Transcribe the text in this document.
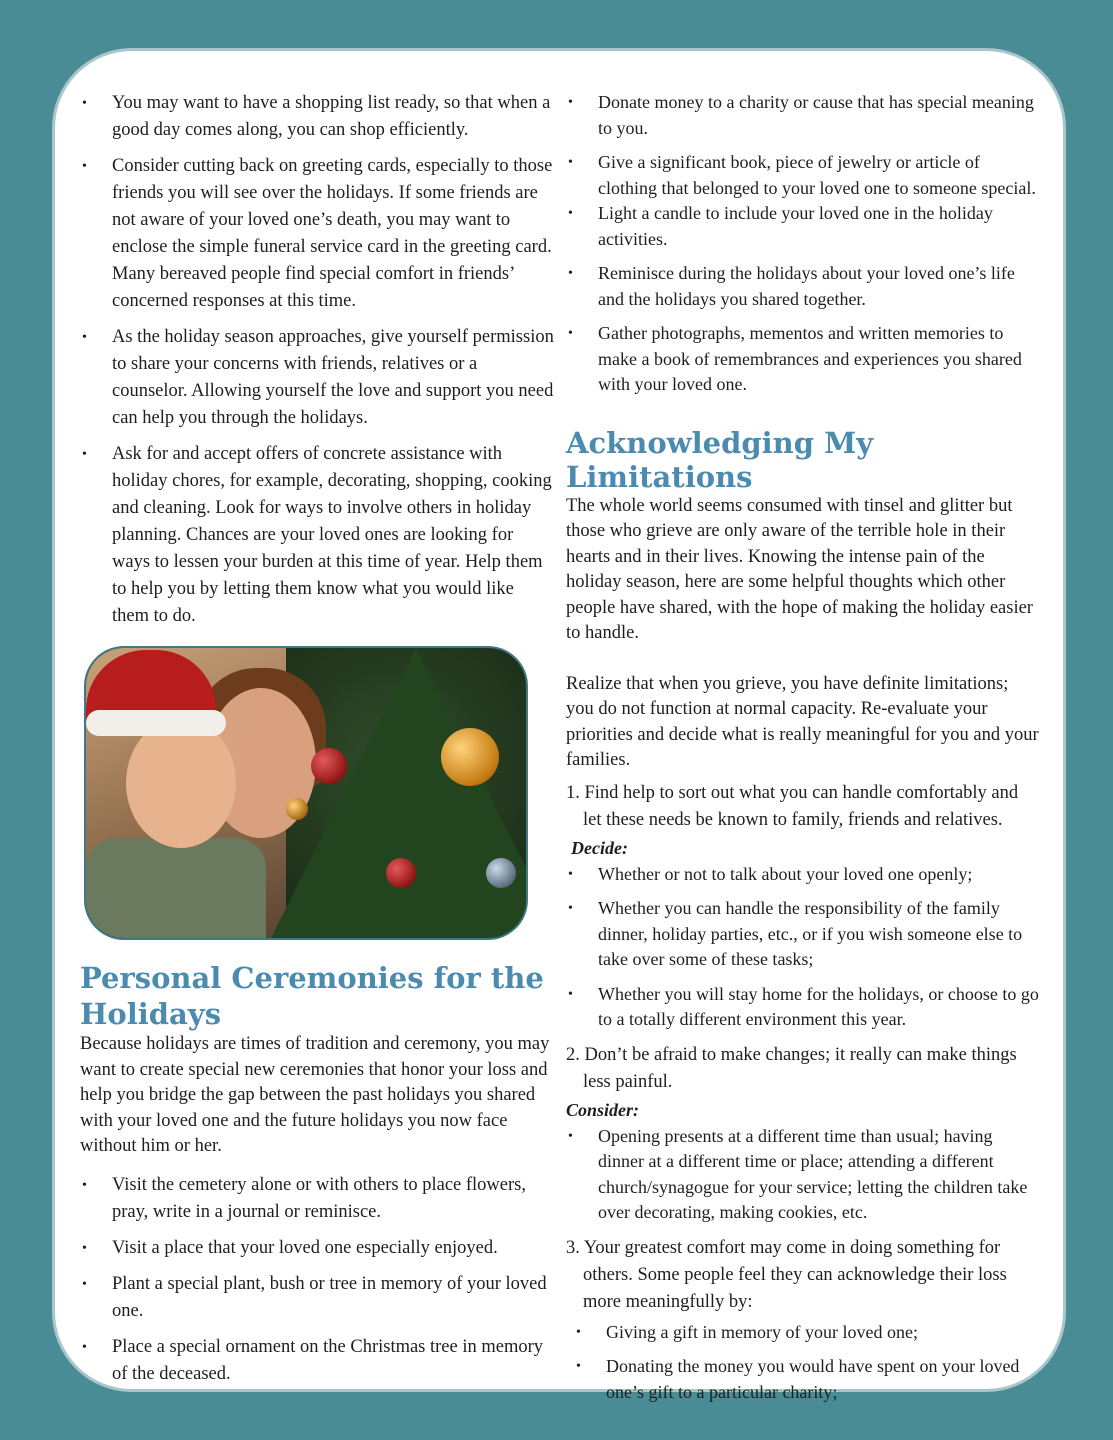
• You may want to have a shopping list ready, so that when a good day comes along, you can shop efficiently.
• Consider cutting back on greeting cards, especially to those friends you will see over the holidays. If some friends are not aware of your loved one’s death, you may want to enclose the simple funeral service card in the greeting card. Many bereaved people find special comfort in friends’ concerned responses at this time.
• As the holiday season approaches, give yourself permission to share your concerns with friends, relatives or a counselor. Allowing yourself the love and support you need can help you through the holidays.
• Ask for and accept offers of concrete assistance with holiday chores, for example, decorating, shopping, cooking and cleaning. Look for ways to involve others in holiday planning. Chances are your loved ones are looking for ways to lessen your burden at this time of year. Help them to help you by letting them know what you would like them to do.
Personal Ceremonies for the Holidays

Because holidays are times of tradition and ceremony, you may want to create special new ceremonies that honor your loss and help you bridge the gap between the past holidays you shared with your loved one and the future holidays you now face without him or her.

• Visit the cemetery alone or with others to place flowers, pray, write in a journal or reminisce.
• Visit a place that your loved one especially enjoyed.
• Plant a special plant, bush or tree in memory of your loved one.
• Place a special ornament on the Christmas tree in memory of the deceased.
• Donate money to a charity or cause that has special meaning to you.
• Give a significant book, piece of jewelry or article of clothing that belonged to your loved one to someone special.
• Light a candle to include your loved one in the holiday activities.
• Reminisce during the holidays about your loved one’s life and the holidays you shared together.
• Gather photographs, mementos and written memories to make a book of remembrances and experiences you shared with your loved one.
Acknowledging My Limitations

The whole world seems consumed with tinsel and glitter but those who grieve are only aware of the terrible hole in their hearts and in their lives. Knowing the intense pain of the holiday season, here are some helpful thoughts which other people have shared, with the hope of making the holiday easier to handle.

Realize that when you grieve, you have definite limitations; you do not function at normal capacity. Re-evaluate your priorities and decide what is really meaningful for you and your families.

1. Find help to sort out what you can handle comfortably and let these needs be known to family, friends and relatives.

Decide:

• Whether or not to talk about your loved one openly;
• Whether you can handle the responsibility of the family dinner, holiday parties, etc., or if you wish someone else to take over some of these tasks;
• Whether you will stay home for the holidays, or choose to go to a totally different environment this year.

2. Don’t be afraid to make changes; it really can make things less painful.

Consider:

• Opening presents at a different time than usual; having dinner at a different time or place; attending a different church/synagogue for your service; letting the children take over decorating, making cookies, etc.

3. Your greatest comfort may come in doing something for others. Some people feel they can acknowledge their loss more meaningfully by:

• Giving a gift in memory of your loved one;
• Donating the money you would have spent on your loved one’s gift to a particular charity;
